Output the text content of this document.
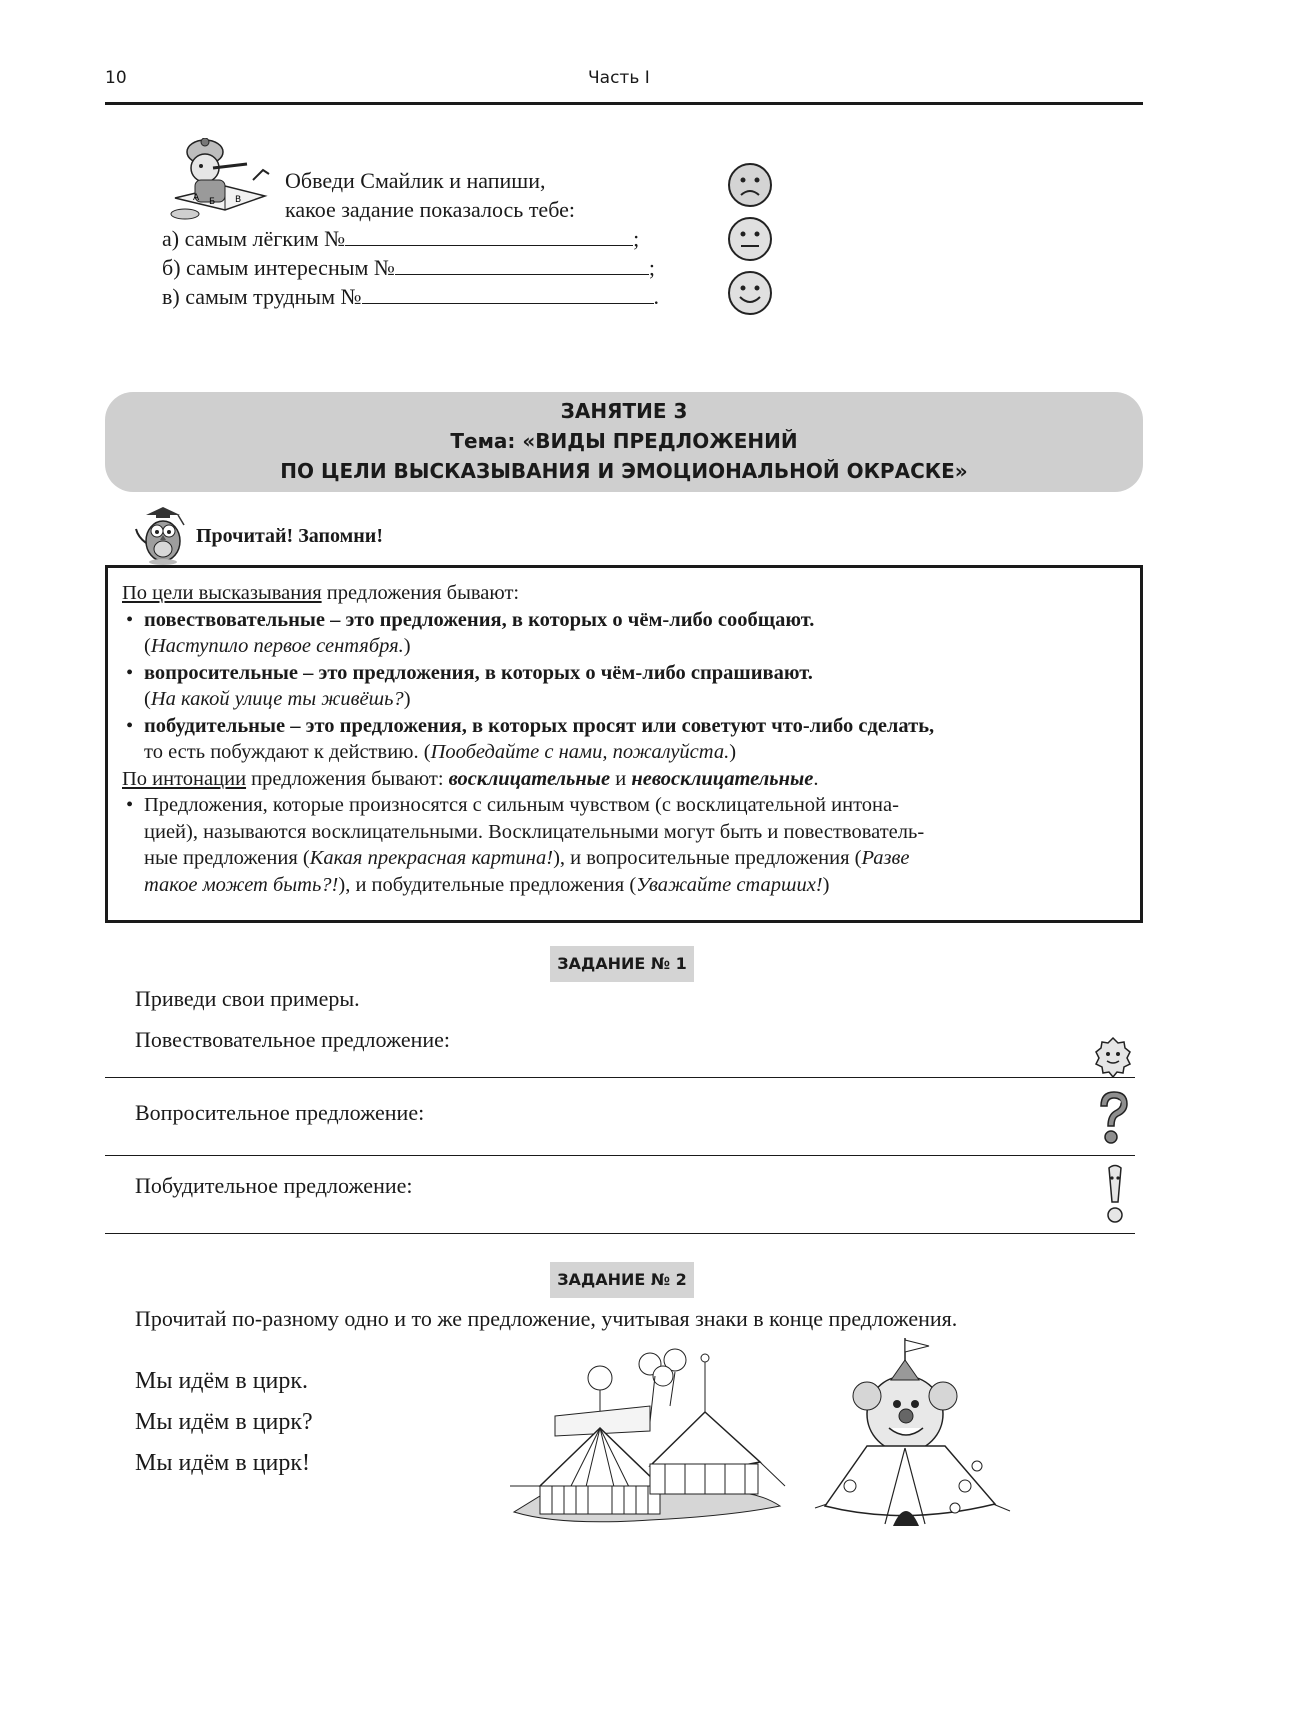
10	Часть I
А Б В
Обведи Смайлик и напиши,
какое задание показалось тебе:
а) самым лёгким №	;
б) самым интересным №	;
в) самым трудным №	.
ЗАНЯТИЕ 3
Тема: «ВИДЫ ПРЕДЛОЖЕНИЙ
ПО ЦЕЛИ ВЫСКАЗЫВАНИЯ И ЭМОЦИОНАЛЬНОЙ ОКРАСКЕ»
Прочитай! Запомни!

По цели высказывания предложения бывают:

• повествовательные – это предложения, в которых о чём-либо сообщают.

(Наступило первое сентября.)

• вопросительные – это предложения, в которых о чём-либо спрашивают.

(На какой улице ты живёшь?)

• побудительные – это предложения, в которых просят или советуют что-либо сделать,

то есть побуждают к действию. (Пообедайте с нами, пожалуйста.)

По интонации предложения бывают: восклицательные и невосклицательные.

• Предложения, которые произносятся с сильным чувством (с восклицательной интона-
цией), называются восклицательными. Восклицательными могут быть и повествователь-
ные предложения (Какая прекрасная картина!), и вопросительные предложения (Разве
такое может быть?!), и побудительные предложения (Уважайте старших!)

ЗАДАНИЕ № 1
Приведи свои примеры.
Повествовательное предложение:
Вопросительное предложение:
Побудительное предложение:
ЗАДАНИЕ № 2
Прочитай по-разному одно и то же предложение, учитывая знаки в конце предложения.
Мы идём в цирк.
Мы идём в цирк?
Мы идём в цирк!
